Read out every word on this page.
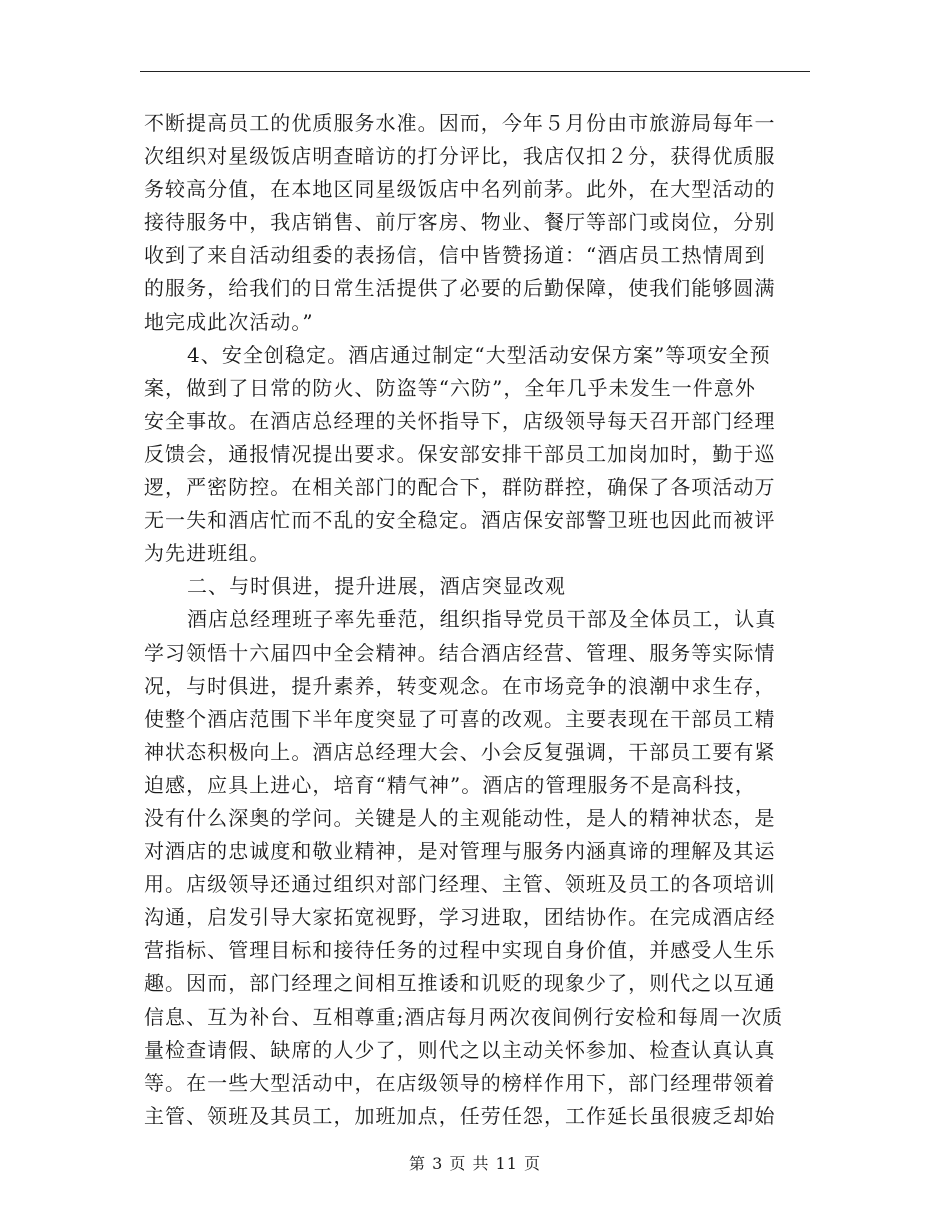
不断提高员工的优质服务水准。因而，今年５月份由市旅游局每年一
次组织对星级饭店明查暗访的打分评比，我店仅扣２分，获得优质服
务较高分值，在本地区同星级饭店中名列前茅。此外，在大型活动的
接待服务中，我店销售、前厅客房、物业、餐厅等部门或岗位，分别
收到了来自活动组委的表扬信，信中皆赞扬道：“酒店员工热情周到
的服务，给我们的日常生活提供了必要的后勤保障，使我们能够圆满
地完成此次活动。”
4、安全创稳定。酒店通过制定“大型活动安保方案”等项安全预
案，做到了日常的防火、防盗等“六防”，全年几乎未发生一件意外
安全事故。在酒店总经理的关怀指导下，店级领导每天召开部门经理
反馈会，通报情况提出要求。保安部安排干部员工加岗加时，勤于巡
逻，严密防控。在相关部门的配合下，群防群控，确保了各项活动万
无一失和酒店忙而不乱的安全稳定。酒店保安部警卫班也因此而被评
为先进班组。
二、与时俱进，提升进展，酒店突显改观
酒店总经理班子率先垂范，组织指导党员干部及全体员工，认真
学习领悟十六届四中全会精神。结合酒店经营、管理、服务等实际情
况，与时俱进，提升素养，转变观念。在市场竞争的浪潮中求生存，
使整个酒店范围下半年度突显了可喜的改观。主要表现在干部员工精
神状态积极向上。酒店总经理大会、小会反复强调，干部员工要有紧
迫感，应具上进心，培育“精气神”。酒店的管理服务不是高科技，
没有什么深奥的学问。关键是人的主观能动性，是人的精神状态，是
对酒店的忠诚度和敬业精神，是对管理与服务内涵真谛的理解及其运
用。店级领导还通过组织对部门经理、主管、领班及员工的各项培训
沟通，启发引导大家拓宽视野，学习进取，团结协作。在完成酒店经
营指标、管理目标和接待任务的过程中实现自身价值，并感受人生乐
趣。因而，部门经理之间相互推诿和讥贬的现象少了，则代之以互通
信息、互为补台、互相尊重;酒店每月两次夜间例行安检和每周一次质
量检查请假、缺席的人少了，则代之以主动关怀参加、检查认真认真
等。在一些大型活动中，在店级领导的榜样作用下，部门经理带领着
主管、领班及其员工，加班加点，任劳任怨，工作延长虽很疲乏却始
第 3 页 共 11 页
